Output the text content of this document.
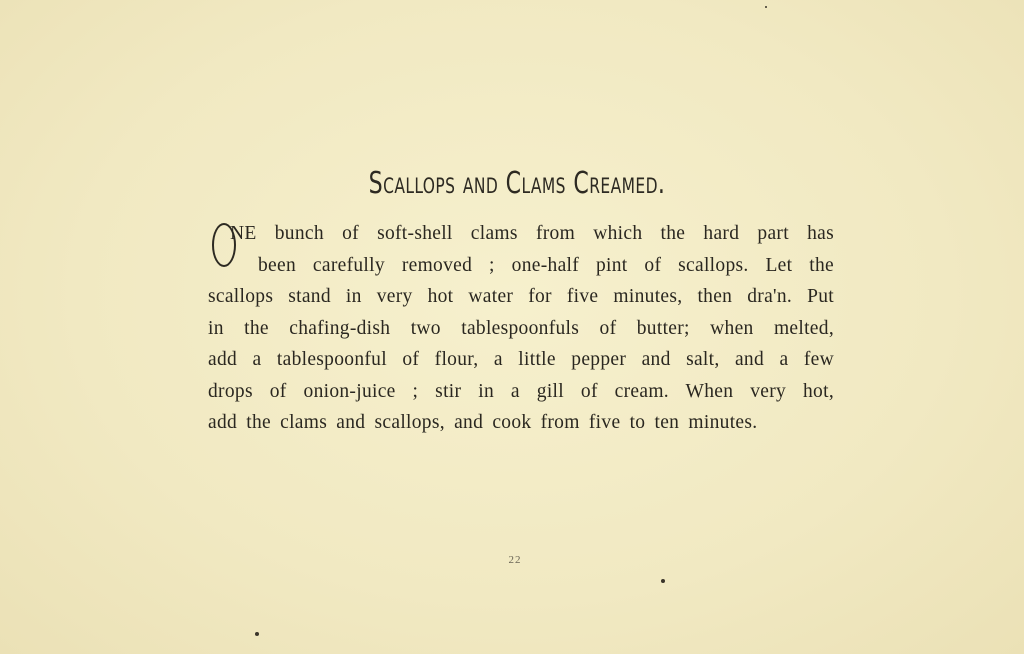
Scallops and Clams Creamed.
NE bunch of soft-shell clams from which the hard part has
been carefully removed ; one-half pint of scallops. Let the
scallops stand in very hot water for five minutes, then dra'n. Put
in the chafing-dish two tablespoonfuls of butter; when melted,
add a tablespoonful of flour, a little pepper and salt, and a few
drops of onion-juice ; stir in a gill of cream. When very hot,
add the clams and scallops, and cook from five to ten minutes.
22
